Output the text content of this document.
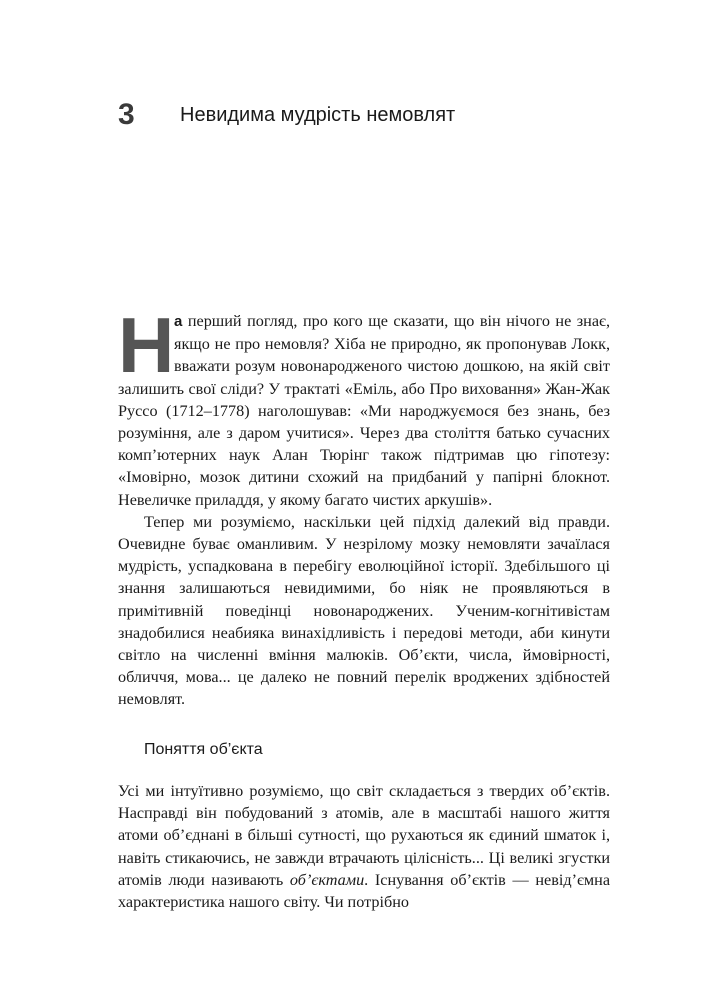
3	Невидима мудрість немовлят

Н а перший погляд, про кого ще сказати, що він нічого не знає, якщо не про немовля? Хіба не природно, як пропонував Локк, вважати розум новонародженого чистою дошкою, на якій світ залишить свої сліди? У трактаті «Еміль, або Про виховання» Жан-Жак Руссо (1712–1778) наголошував: «Ми народжуємося без знань, без розуміння, але з даром учитися». Через два століття батько сучасних комп’ютерних наук Алан Тюрінг також підтримав цю гіпотезу: «Імовірно, мозок дитини схожий на придбаний у папірні блокнот. Невеличке приладдя, у якому багато чистих аркушів».

Тепер ми розуміємо, наскільки цей підхід далекий від правди. Очевидне буває оманливим. У незрілому мозку немовляти зачаїлася мудрість, успадкована в перебігу еволюційної історії. Здебільшого ці знання залишаються невидимими, бо ніяк не проявляються в примітивній поведінці новонароджених. Ученим-когнітивістам знадобилися неабияка винахідливість і передові методи, аби кинути світло на численні вміння малюків. Об’єкти, числа, ймовірності, обличчя, мова... це далеко не повний перелік вроджених здібностей немовлят.

Поняття об’єкта

Усі ми інтуїтивно розуміємо, що світ складається з твердих об’єктів. Насправді він побудований з атомів, але в масштабі нашого життя атоми об’єднані в більші сутності, що рухаються як єдиний шматок і, навіть стикаючись, не завжди втрачають цілісність... Ці великі згустки атомів люди називають об’єктами. Існування об’єктів — невід’ємна характеристика нашого світу. Чи потрібно
